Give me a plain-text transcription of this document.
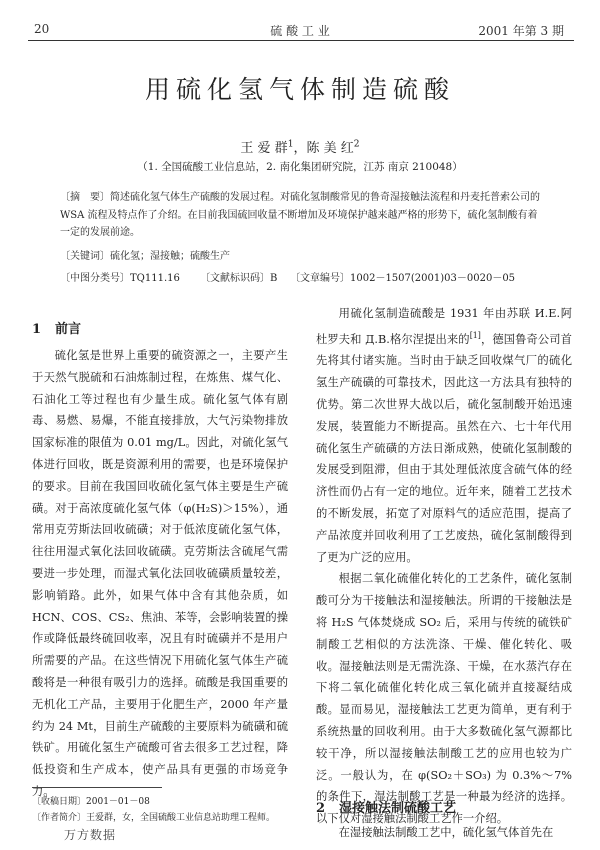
20	硫 酸 工 业	2001 年第 3 期
用硫化氢气体制造硫酸
王 爱 群$^1$，陈 美 红$^2$
（1. 全国硫酸工业信息站，2. 南化集团研究院，江苏 南京 210048）

〔摘　要〕简述硫化氢气体生产硫酸的发展过程。对硫化氢制酸常见的鲁奇湿接触法流程和丹麦托普索公司的 WSA 流程及特点作了介绍。在目前我国硫回收量不断增加及环境保护越来越严格的形势下，硫化氢制酸有着一定的发展前途。

〔关键词〕硫化氢；湿接触；硫酸生产
〔中图分类号〕TQ111.16 〔文献标识码〕B 〔文章编号〕1002－1507(2001)03－0020－05
1 前言

硫化氢是世界上重要的硫资源之一，主要产生于天然气脱硫和石油炼制过程，在炼焦、煤气化、石油化工等过程也有少量生成。硫化氢气体有剧毒、易燃、易爆，不能直接排放，大气污染物排放国家标准的限值为 0.01 mg/L。因此，对硫化氢气体进行回收，既是资源利用的需要，也是环境保护的要求。目前在我国回收硫化氢气体主要是生产硫磺。对于高浓度硫化氢气体（φ(H₂S)＞15%），通常用克劳斯法回收硫磺；对于低浓度硫化氢气体，往往用湿式氧化法回收硫磺。克劳斯法含硫尾气需要进一步处理，而湿式氧化法回收硫磺质量较差，影响销路。此外，如果气体中含有其他杂质，如 HCN、COS、CS₂、焦油、苯等，会影响装置的操作或降低最终硫回收率，况且有时硫磺并不是用户所需要的产品。在这些情况下用硫化氢气体生产硫酸将是一种很有吸引力的选择。硫酸是我国重要的无机化工产品，主要用于化肥生产，2000 年产量约为 24 Mt，目前生产硫酸的主要原料为硫磺和硫铁矿。用硫化氢生产硫酸可省去很多工艺过程，降低投资和生产成本，使产品具有更强的市场竞争力。

用硫化氢制造硫酸是 1931 年由苏联 И.Е.阿杜罗夫和 Д.В.格尔涅提出来的[1]，德国鲁奇公司首先将其付诸实施。当时由于缺乏回收煤气厂的硫化氢生产硫磺的可靠技术，因此这一方法具有独特的优势。第二次世界大战以后，硫化氢制酸开始迅速发展，装置能力不断提高。虽然在六、七十年代用硫化氢生产硫磺的方法日渐成熟，使硫化氢制酸的发展受到阻滞，但由于其处理低浓度含硫气体的经济性而仍占有一定的地位。近年来，随着工艺技术的不断发展，拓宽了对原料气的适应范围，提高了产品浓度并回收利用了工艺废热，硫化氢制酸得到了更为广泛的应用。

根据二氧化硫催化转化的工艺条件，硫化氢制酸可分为干接触法和湿接触法。所谓的干接触法是将 H₂S 气体焚烧成 SO₂ 后，采用与传统的硫铁矿制酸工艺相似的方法洗涤、干燥、催化转化、吸收。湿接触法则是无需洗涤、干燥，在水蒸汽存在下将二氧化硫催化转化成三氧化硫并直接凝结成酸。显而易见，湿接触法工艺更为简单，更有利于系统热量的回收利用。由于大多数硫化氢气源都比较干净，所以湿接触法制酸工艺的应用也较为广泛。一般认为，在 φ(SO₂＋SO₃) 为 0.3%～7% 的条件下，湿法制酸工艺是一种最为经济的选择。以下仅对湿接触法制酸工艺作一介绍。

2 湿接触法制硫酸工艺

在湿接触法制酸工艺中，硫化氢气体首先在

〔收稿日期〕2001－01－08
〔作者简介〕王爱群，女，全国硫酸工业信息站助理工程师。
万方数据
